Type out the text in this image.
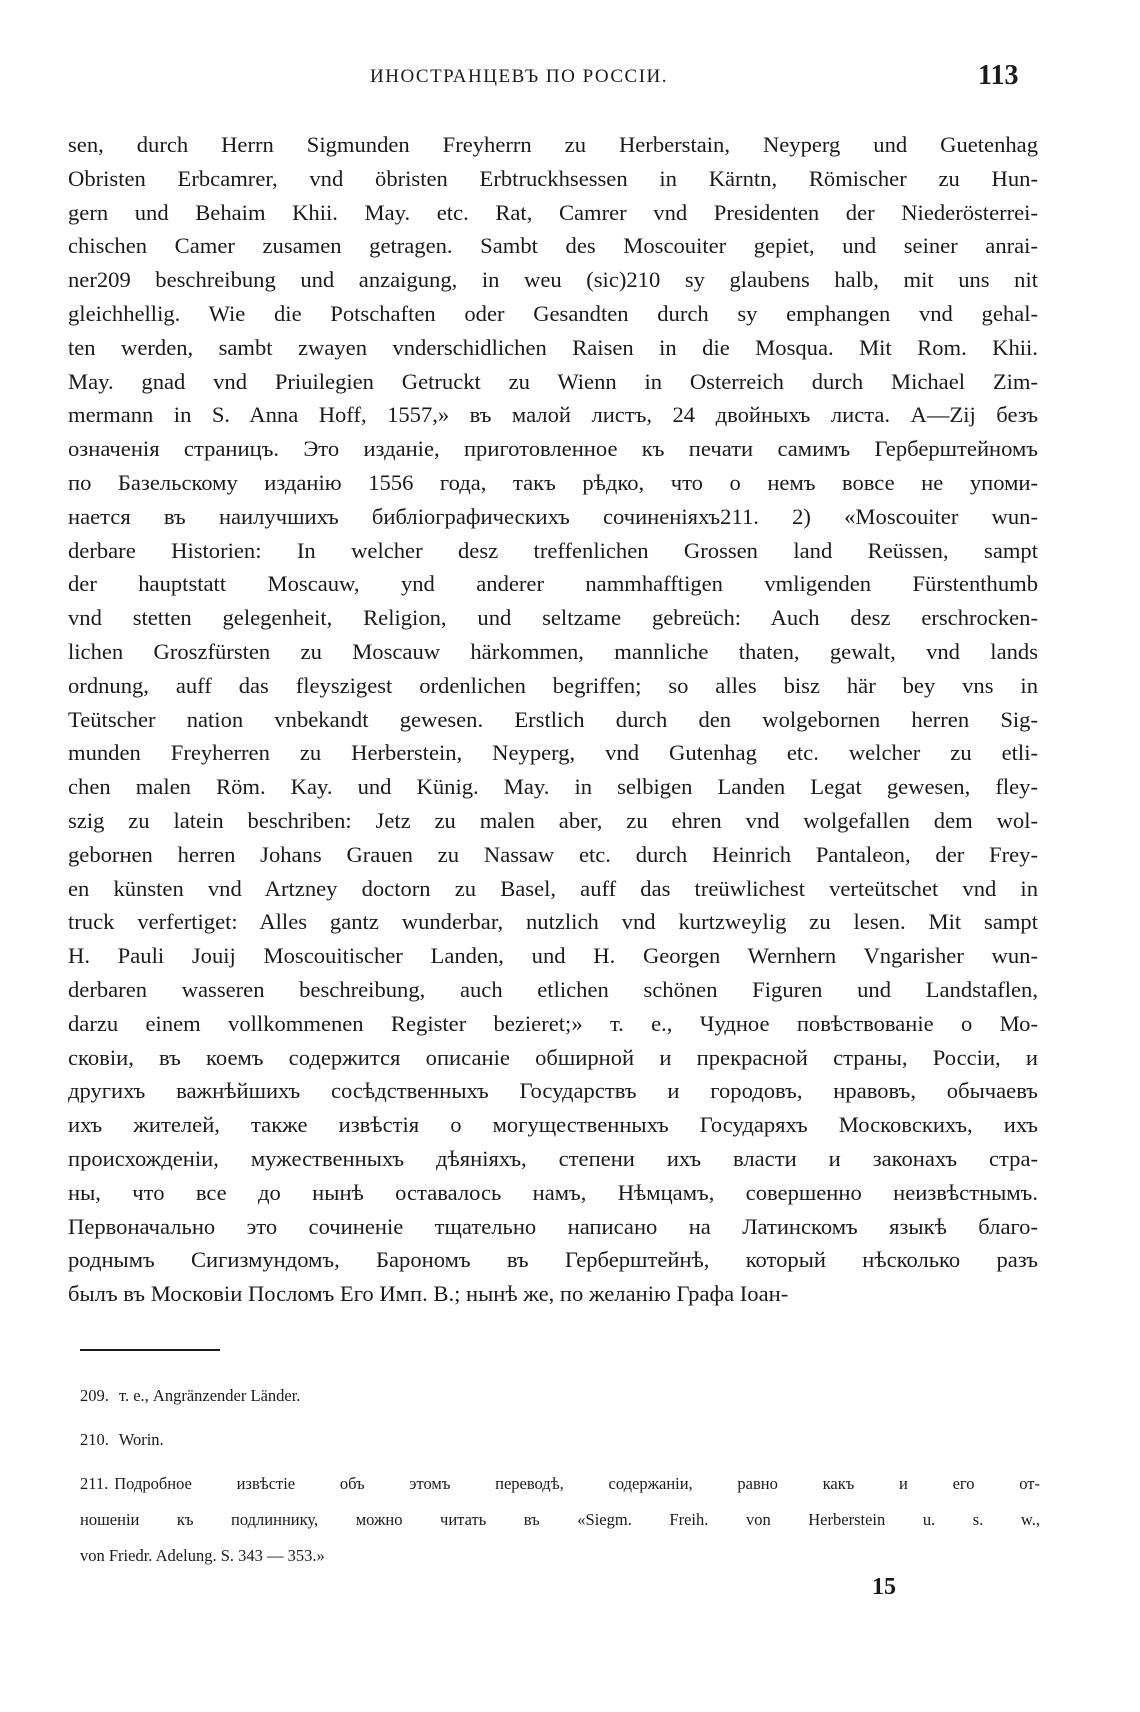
ИНОСТРАНЦЕВЪ ПО РОССІИ.	113
sen, durch Herrn Sigmunden Freyherrn zu Herberstain, Neyperg und Guetenhag
Obristen Erbcamrer, vnd öbristen Erbtruckhsessen in Kärntn, Römischer zu Hun-
gern und Behaim Khii. May. etc. Rat, Camrer vnd Presidenten der Niederösterrei-
chischen Camer zusamen getragen. Sambt des Moscouiter gepiet, und seiner anrai-
ner209 beschreibung und anzaigung, in weu (sic)210 sy glaubens halb, mit uns nit
gleichhellig. Wie die Potschaften oder Gesandten durch sy emphangen vnd gehal-
ten werden, sambt zwayen vnderschidlichen Raisen in die Mosqua. Mit Rom. Khii.
May. gnad vnd Priuilegien Getruckt zu Wienn in Osterreich durch Michael Zim-
mermann in S. Anna Hoff, 1557,» въ малой листъ, 24 двойныхъ листа. A—Zij безъ
означенія страницъ. Это изданіе, приготовленное къ печати самимъ Герберштейномъ
по Базельскому изданію 1556 года, такъ рѣдко, что о немъ вовсе не упоми-
нается въ наилучшихъ библіографическихъ сочиненіяхъ211. 2) «Moscouiter wun-
derbare Historien: In welcher desz treffenlichen Grossen land Reüssen, sampt
der hauptstatt Moscauw, ynd anderer nammhafftigen vmligenden Fürstenthumb
vnd stetten gelegenheit, Religion, und seltzame gebreüch: Auch desz erschrocken-
lichen Groszfürsten zu Moscauw härkommen, mannliche thaten, gewalt, vnd lands
ordnung, auff das fleyszigest ordenlichen begriffen; so alles bisz här bey vns in
Teütscher nation vnbekandt gewesen. Erstlich durch den wolgebornen herren Sig-
munden Freyherren zu Herberstein, Neyperg, vnd Gutenhag etc. welcher zu etli-
chen malen Röm. Kay. und Künig. May. in selbigen Landen Legat gewesen, fley-
szig zu latein beschriben: Jetz zu malen aber, zu ehren vnd wolgefallen dem wol-
geborнen herren Johans Grauen zu Nassaw etc. durch Heinrich Pantaleon, der Frey-
en künsten vnd Artzney doctorn zu Basel, auff das treüwlichest verteütschet vnd in
truck verfertiget: Alles gantz wunderbar, nutzlich vnd kurtzweylig zu lesen. Mit sampt
H. Pauli Jouij Moscouitischer Landen, und H. Georgen Wernhern Vngarisher wun-
derbaren wasseren beschreibung, auch etlichen schönen Figuren und Landstaflen,
darzu einem vollkommenen Register bezieret;» т. е., Чудное повѣствованіе о Мо-
сковіи, въ коемъ содержится описаніе обширной и прекрасной страны, Россіи, и
другихъ важнѣйшихъ сосѣдственныхъ Государствъ и городовъ, нравовъ, обычаевъ
ихъ жителей, также извѣстія о могущественныхъ Государяхъ Московскихъ, ихъ
происхожденіи, мужественныхъ дѣяніяхъ, степени ихъ власти и законахъ стра-
ны, что все до нынѣ оставалось намъ, Нѣмцамъ, совершенно неизвѣстнымъ.
Первоначально это сочиненіе тщательно написано на Латинскомъ языкѣ благо-
роднымъ Сигизмундомъ, Барономъ въ Герберштейнѣ, который нѣсколько разъ
былъ въ Московіи Посломъ Его Имп. В.; нынѣ же, по желанію Графа Іоан-
209. т. е., Angränzender Länder.
210. Worin.
211. Подробное извѣстіе объ этомъ переводѣ, содержаніи, равно какъ и его от-
ношеніи къ подлиннику, можно читать въ «Siegm. Freih. von Herberstein u. s. w.,
von Friedr. Adelung. S. 343 — 353.»
15
